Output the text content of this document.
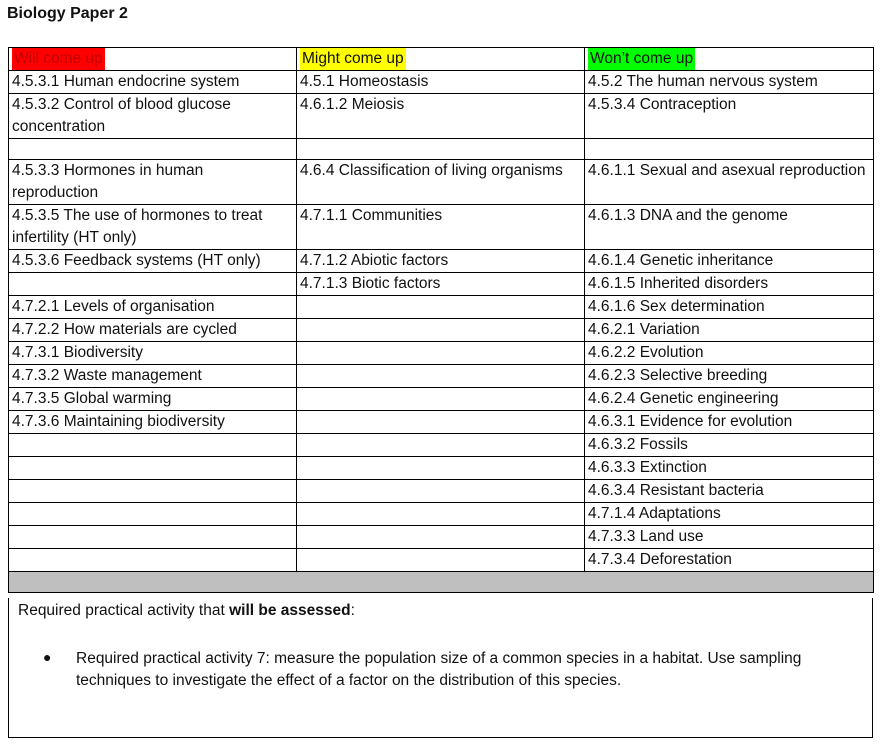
Biology Paper 2
Will come up	Might come up	Won’t come up
4.5.3.1 Human endocrine system	4.5.1 Homeostasis	4.5.2 The human nervous system
4.5.3.2 Control of blood glucose concentration	4.6.1.2 Meiosis	4.5.3.4 Contraception

4.5.3.3 Hormones in human reproduction	4.6.4 Classification of living organisms	4.6.1.1 Sexual and asexual reproduction
4.5.3.5 The use of hormones to treat infertility (HT only)	4.7.1.1 Communities	4.6.1.3 DNA and the genome
4.5.3.6 Feedback systems (HT only)	4.7.1.2 Abiotic factors	4.6.1.4 Genetic inheritance
	4.7.1.3 Biotic factors	4.6.1.5 Inherited disorders
4.7.2.1 Levels of organisation		4.6.1.6 Sex determination
4.7.2.2 How materials are cycled		4.6.2.1 Variation
4.7.3.1 Biodiversity		4.6.2.2 Evolution
4.7.3.2 Waste management		4.6.2.3 Selective breeding
4.7.3.5 Global warming		4.6.2.4 Genetic engineering
4.7.3.6 Maintaining biodiversity		4.6.3.1 Evidence for evolution
		4.6.3.2 Fossils
		4.6.3.3 Extinction
		4.6.3.4 Resistant bacteria
		4.7.1.4 Adaptations
		4.7.3.3 Land use
		4.7.3.4 Deforestation

Required practical activity that will be assessed:
● Required practical activity 7: measure the population size of a common species in a habitat. Use sampling techniques to investigate the effect of a factor on the distribution of this species.
